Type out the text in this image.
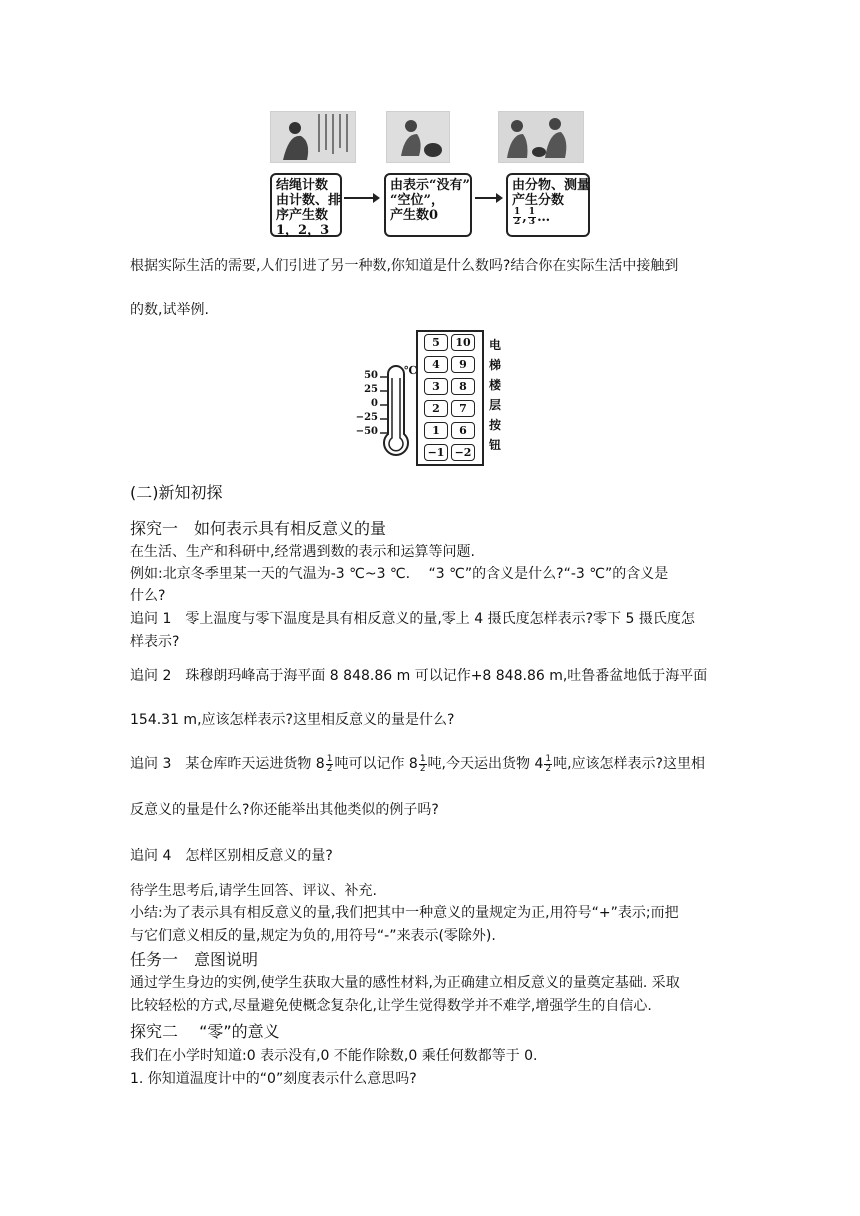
结绳计数
由计数、排
序产生数
1，2，3
由表示“没有”
“空位”，
产生数0
由分物、测量
产生分数
$\frac{1}{2}$ , $\frac{1}{3}$ …
根据实际生活的需要,人们引进了另一种数,你知道是什么数吗?结合你在实际生活中接触到
的数,试举例.
50
25
0
−25
−50
℃
5	10
4	9
3	8
2	7
1	6
−1 −2
电
梯
楼
层
按
钮
(二)新知初探
探究一　如何表示具有相反意义的量
在生活、生产和科研中,经常遇到数的表示和运算等问题.
例如:北京冬季里某一天的气温为-3 ℃~3 ℃.　 “3 ℃”的含义是什么?“-3 ℃”的含义是
什么?
追问 1　零上温度与零下温度是具有相反意义的量,零上 4 摄氏度怎样表示?零下 5 摄氏度怎
样表示?
追问 2　珠穆朗玛峰高于海平面 8 848.86 m 可以记作+8 848.86 m,吐鲁番盆地低于海平面
154.31 m,应该怎样表示?这里相反意义的量是什么?
追问 3　某仓库昨天运进货物 $8 \frac{1}{2}$ 吨可以记作 $8 \frac{1}{2}$ 吨,今天运出货物 $4 \frac{1}{2}$ 吨,应该怎样表示?这里相
反意义的量是什么?你还能举出其他类似的例子吗?
追问 4　怎样区别相反意义的量?
待学生思考后,请学生回答、评议、补充.
小结:为了表示具有相反意义的量,我们把其中一种意义的量规定为正,用符号“+”表示;而把
与它们意义相反的量,规定为负的,用符号“-”来表示(零除外).
任务一　意图说明
通过学生身边的实例,使学生获取大量的感性材料,为正确建立相反意义的量奠定基础. 采取
比较轻松的方式,尽量避免使概念复杂化,让学生觉得数学并不难学,增强学生的自信心.
探究二　 “零”的意义
我们在小学时知道:0 表示没有,0 不能作除数,0 乘任何数都等于 0.
1. 你知道温度计中的“0”刻度表示什么意思吗?
